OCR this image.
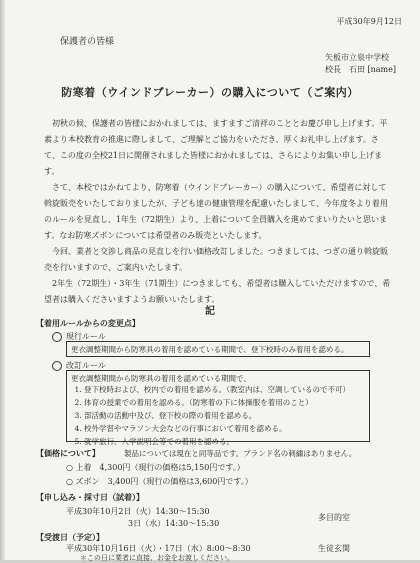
平成30年9月12日
保護者の皆様
矢板市立泉中学校
校長　石田 [name]
防寒着（ウインドブレーカー）の購入について（ご案内）

初秋の候、保護者の皆様におかれましては、ますますご清祥のこととお慶び申し上げます。平素より本校教育の推進に際しまして、ご理解とご協力をいただき、厚くお礼申し上げます。さて、この度の全校21日に開催されました皆様におかれましては、さらによりお集い申し上げます。

さて、本校ではかねてより、防寒着（ウインドブレーカー）の購入について、希望者に対して斡旋販売をいたしておりましたが、子ども達の健康管理を配慮いたしまして、今年度冬より着用のルールを見直し、1年生（72期生）より、上着について全員購入を進めてまいりたいと思います。なお防寒ズボンについては希望者のみ販売といたします。

今回、業者と交渉し商品の見直しを行い価格改訂しました。つきましては、つぎの通り斡旋販売を行いますので、ご案内いたします。

2年生（72期生）・3年生（71期生）につきましても、希望者は購入していただけますので、希望者は購入くださいますようお願いいたします。

記
【着用ルールからの変更点】
現行ルール
更衣調整期間から防寒具の着用を認めている期間で、登下校時のみ着用を認める。
改訂ルール
更衣調整期間から防寒具の着用を認めている期間で、
1. 登下校時および、校内での着用を認める。（教室内は、空調しているので不可）
2. 体育の授業での着用を認める。（防寒着の下に体操服を着用のこと）
3. 部活動の活動中及び、登下校の際の着用を認める。
4. 校外学習やマラソン大会などの行事において着用を認める。
5. 就学旅行、入学説明会等での着用を認める。
【価格について】	製品については現在と同等品です。ブランド名の刺繍はありません。
○ 上着　4,300円（現行の価格は5,150円です。）
○ ズボン　3,400円（現行の価格は3,600円です。）
【申し込み・採寸日（試着）】
平成30年10月2日（火）14:30～15:30
多目的室
3日（水）14:30～15:30
【受渡日（予定）】
平成30年10月16日（火）・17日（水）8:00～8:30	生徒玄関
＊この日に業者に直接、お金をお渡しください。
